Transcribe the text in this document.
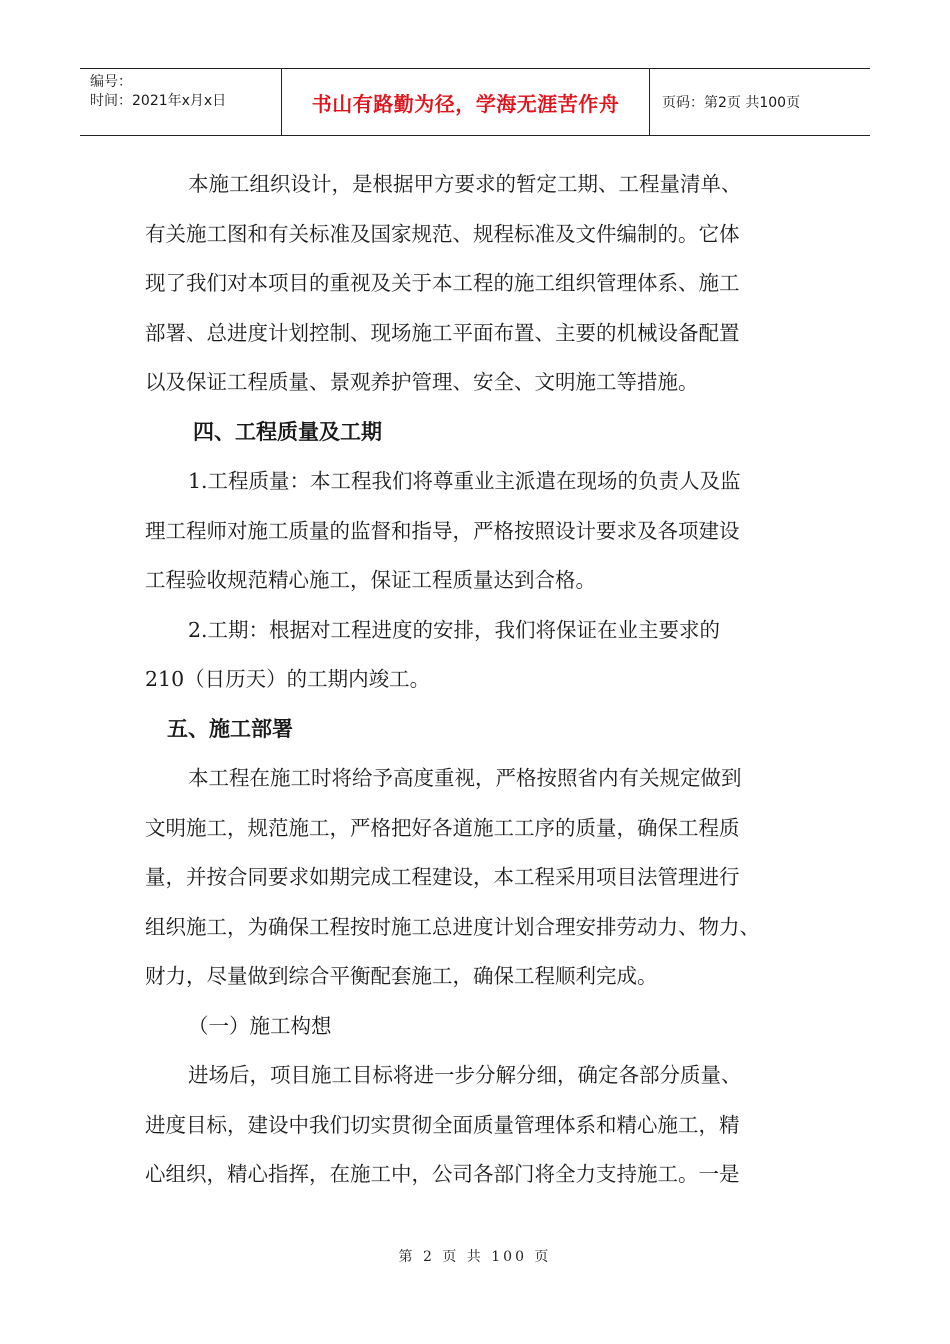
编号：
时间：2021年x月x日	书山有路勤为径，学海无涯苦作舟	页码：第2页 共100页

本施工组织设计，是根据甲方要求的暂定工期、工程量清单、

有关施工图和有关标准及国家规范、规程标准及文件编制的。它体

现了我们对本项目的重视及关于本工程的施工组织管理体系、施工

部署、总进度计划控制、现场施工平面布置、主要的机械设备配置

以及保证工程质量、景观养护管理、安全、文明施工等措施。

四、工程质量及工期

1.工程质量：本工程我们将尊重业主派遣在现场的负责人及监

理工程师对施工质量的监督和指导，严格按照设计要求及各项建设

工程验收规范精心施工，保证工程质量达到合格。

2.工期：根据对工程进度的安排，我们将保证在业主要求的

210（日历天）的工期内竣工。

五、施工部署

本工程在施工时将给予高度重视，严格按照省内有关规定做到

文明施工，规范施工，严格把好各道施工工序的质量，确保工程质

量，并按合同要求如期完成工程建设，本工程采用项目法管理进行

组织施工，为确保工程按时施工总进度计划合理安排劳动力、物力、

财力，尽量做到综合平衡配套施工，确保工程顺利完成。

（一）施工构想

进场后，项目施工目标将进一步分解分细，确定各部分质量、

进度目标，建设中我们切实贯彻全面质量管理体系和精心施工，精

心组织，精心指挥，在施工中，公司各部门将全力支持施工。一是

第 2 页 共 100 页
